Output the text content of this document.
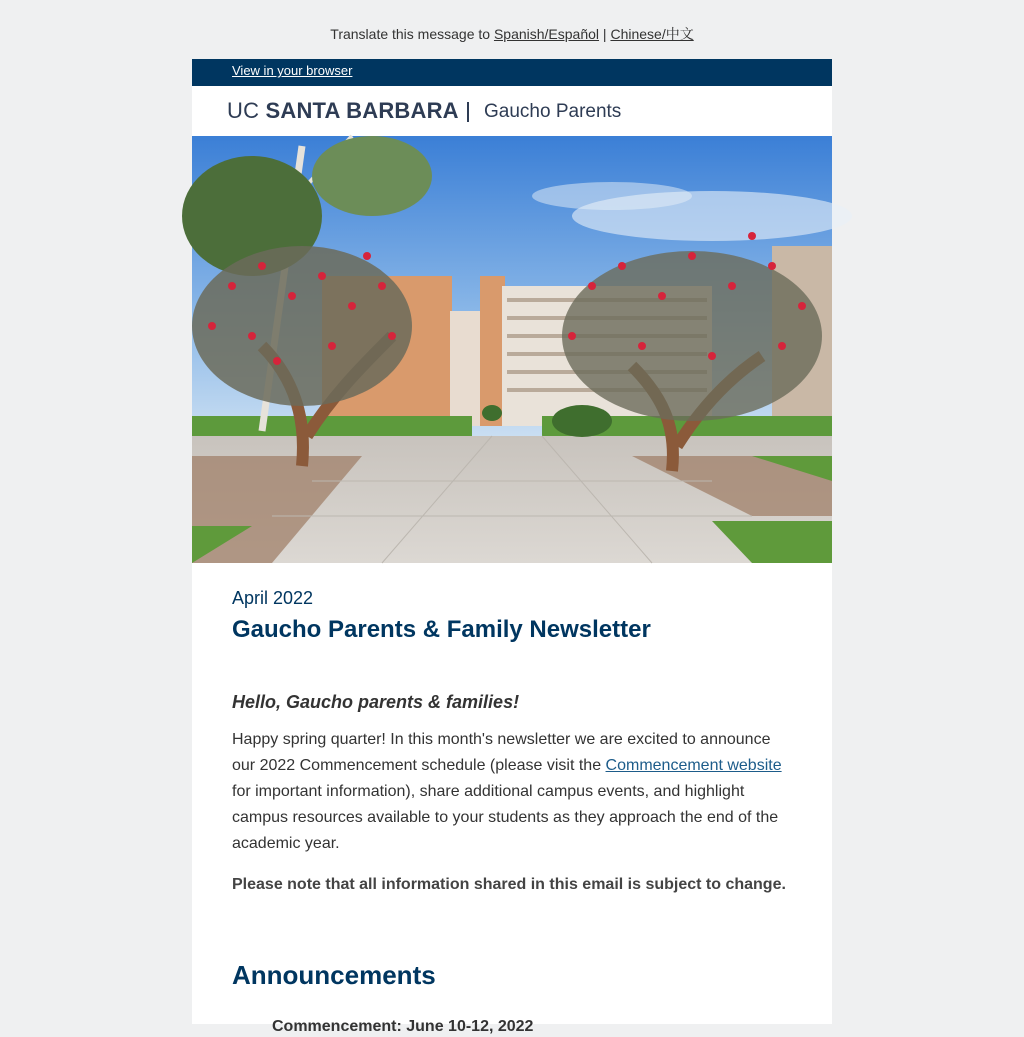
Translate this message to Spanish/Español | Chinese/中文
View in your browser
UC SANTA BARBARA Gaucho Parents
April 2022
Gaucho Parents & Family Newsletter
Hello, Gaucho parents & families!
Happy spring quarter! In this month's newsletter we are excited to announce our 2022 Commencement schedule (please visit the Commencement website for important information), share additional campus events, and highlight campus resources available to your students as they approach the end of the academic year.
Please note that all information shared in this email is subject to change.
Announcements
Commencement: June 10-12, 2022
